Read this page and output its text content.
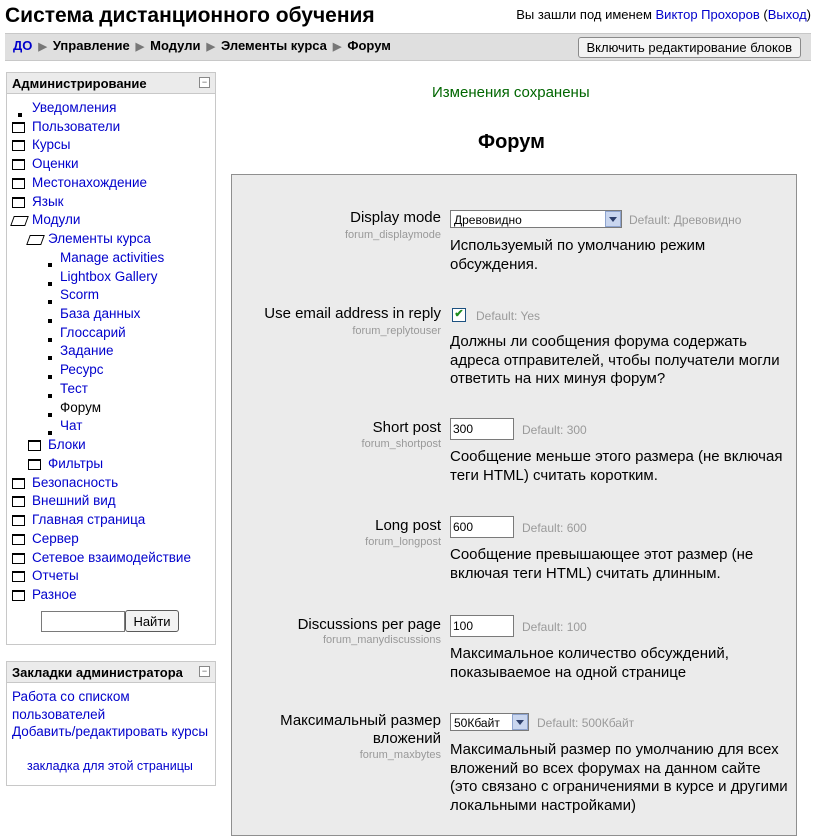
Система дистанционного обучения	Вы зашли под именем Виктор Прохоров (Выход)
ДО ▶ Управление ▶ Модули ▶ Элементы курса ▶ Форум	Включить редактирование блоков
Администрирование	−
Уведомления
Пользователи
Курсы
Оценки
Местонахождение
Язык
Модули
Элементы курса
Manage activities
Lightbox Gallery
Scorm
База данных
Глоссарий
Задание
Ресурс
Тест
Форум
Чат
Блоки
Фильтры
Безопасность
Внешний вид
Главная страница
Сервер
Сетевое взаимодействие
Отчеты
Разное
Найти
Закладки администратора	−
Работа со списком пользователей
Добавить/редактировать курсы
закладка для этой страницы
Изменения сохранены
Форум
Display mode
forum_displaymode
Древовидно	Default: Древовидно
Используемый по умолчанию режим обсуждения.
Use email address in reply
forum_replytouser
✔ Default: Yes
Должны ли сообщения форума содержать адреса отправителей, чтобы получатели могли ответить на них минуя форум?
Short post
forum_shortpost
300	Default: 300
Сообщение меньше этого размера (не включая теги HTML) считать коротким.
Long post
forum_longpost
600	Default: 600
Сообщение превышающее этот размер (не включая теги HTML) считать длинным.
Discussions per page
forum_manydiscussions
100	Default: 100
Максимальное количество обсуждений, показываемое на одной странице
Максимальный размер
вложений
forum_maxbytes
50Кбайт	Default: 500Кбайт
Максимальный размер по умолчанию для всех вложений во всех форумах на данном сайте (это связано с ограничениями в курсе и другими локальными настройками)
